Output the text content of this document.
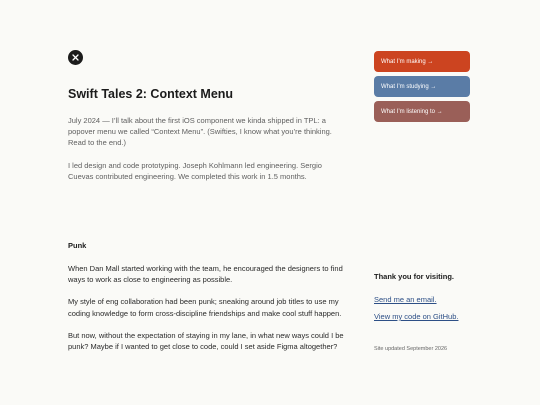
Swift Tales 2: Context Menu

July 2024 — I’ll talk about the first iOS component we kinda shipped in TPL: a popover menu we called “Context Menu”. (Swifties, I know what you’re thinking. Read to the end.)

I led design and code prototyping. Joseph Kohlmann led engineering. Sergio Cuevas contributed engineering. We completed this work in 1.5 months.

Punk

When Dan Mall started working with the team, he encouraged the designers to find ways to work as close to engineering as possible.

My style of eng collaboration had been punk; sneaking around job titles to use my coding knowledge to form cross-discipline friendships and make cool stuff happen.

But now, without the expectation of staying in my lane, in what new ways could I be punk? Maybe if I wanted to get close to code, could I set aside Figma altogether?

What I’m making →
What I’m studying →
What I’m listening to →

Thank you for visiting.

Send me an email.
View my code on GitHub.

Site updated September 2026
